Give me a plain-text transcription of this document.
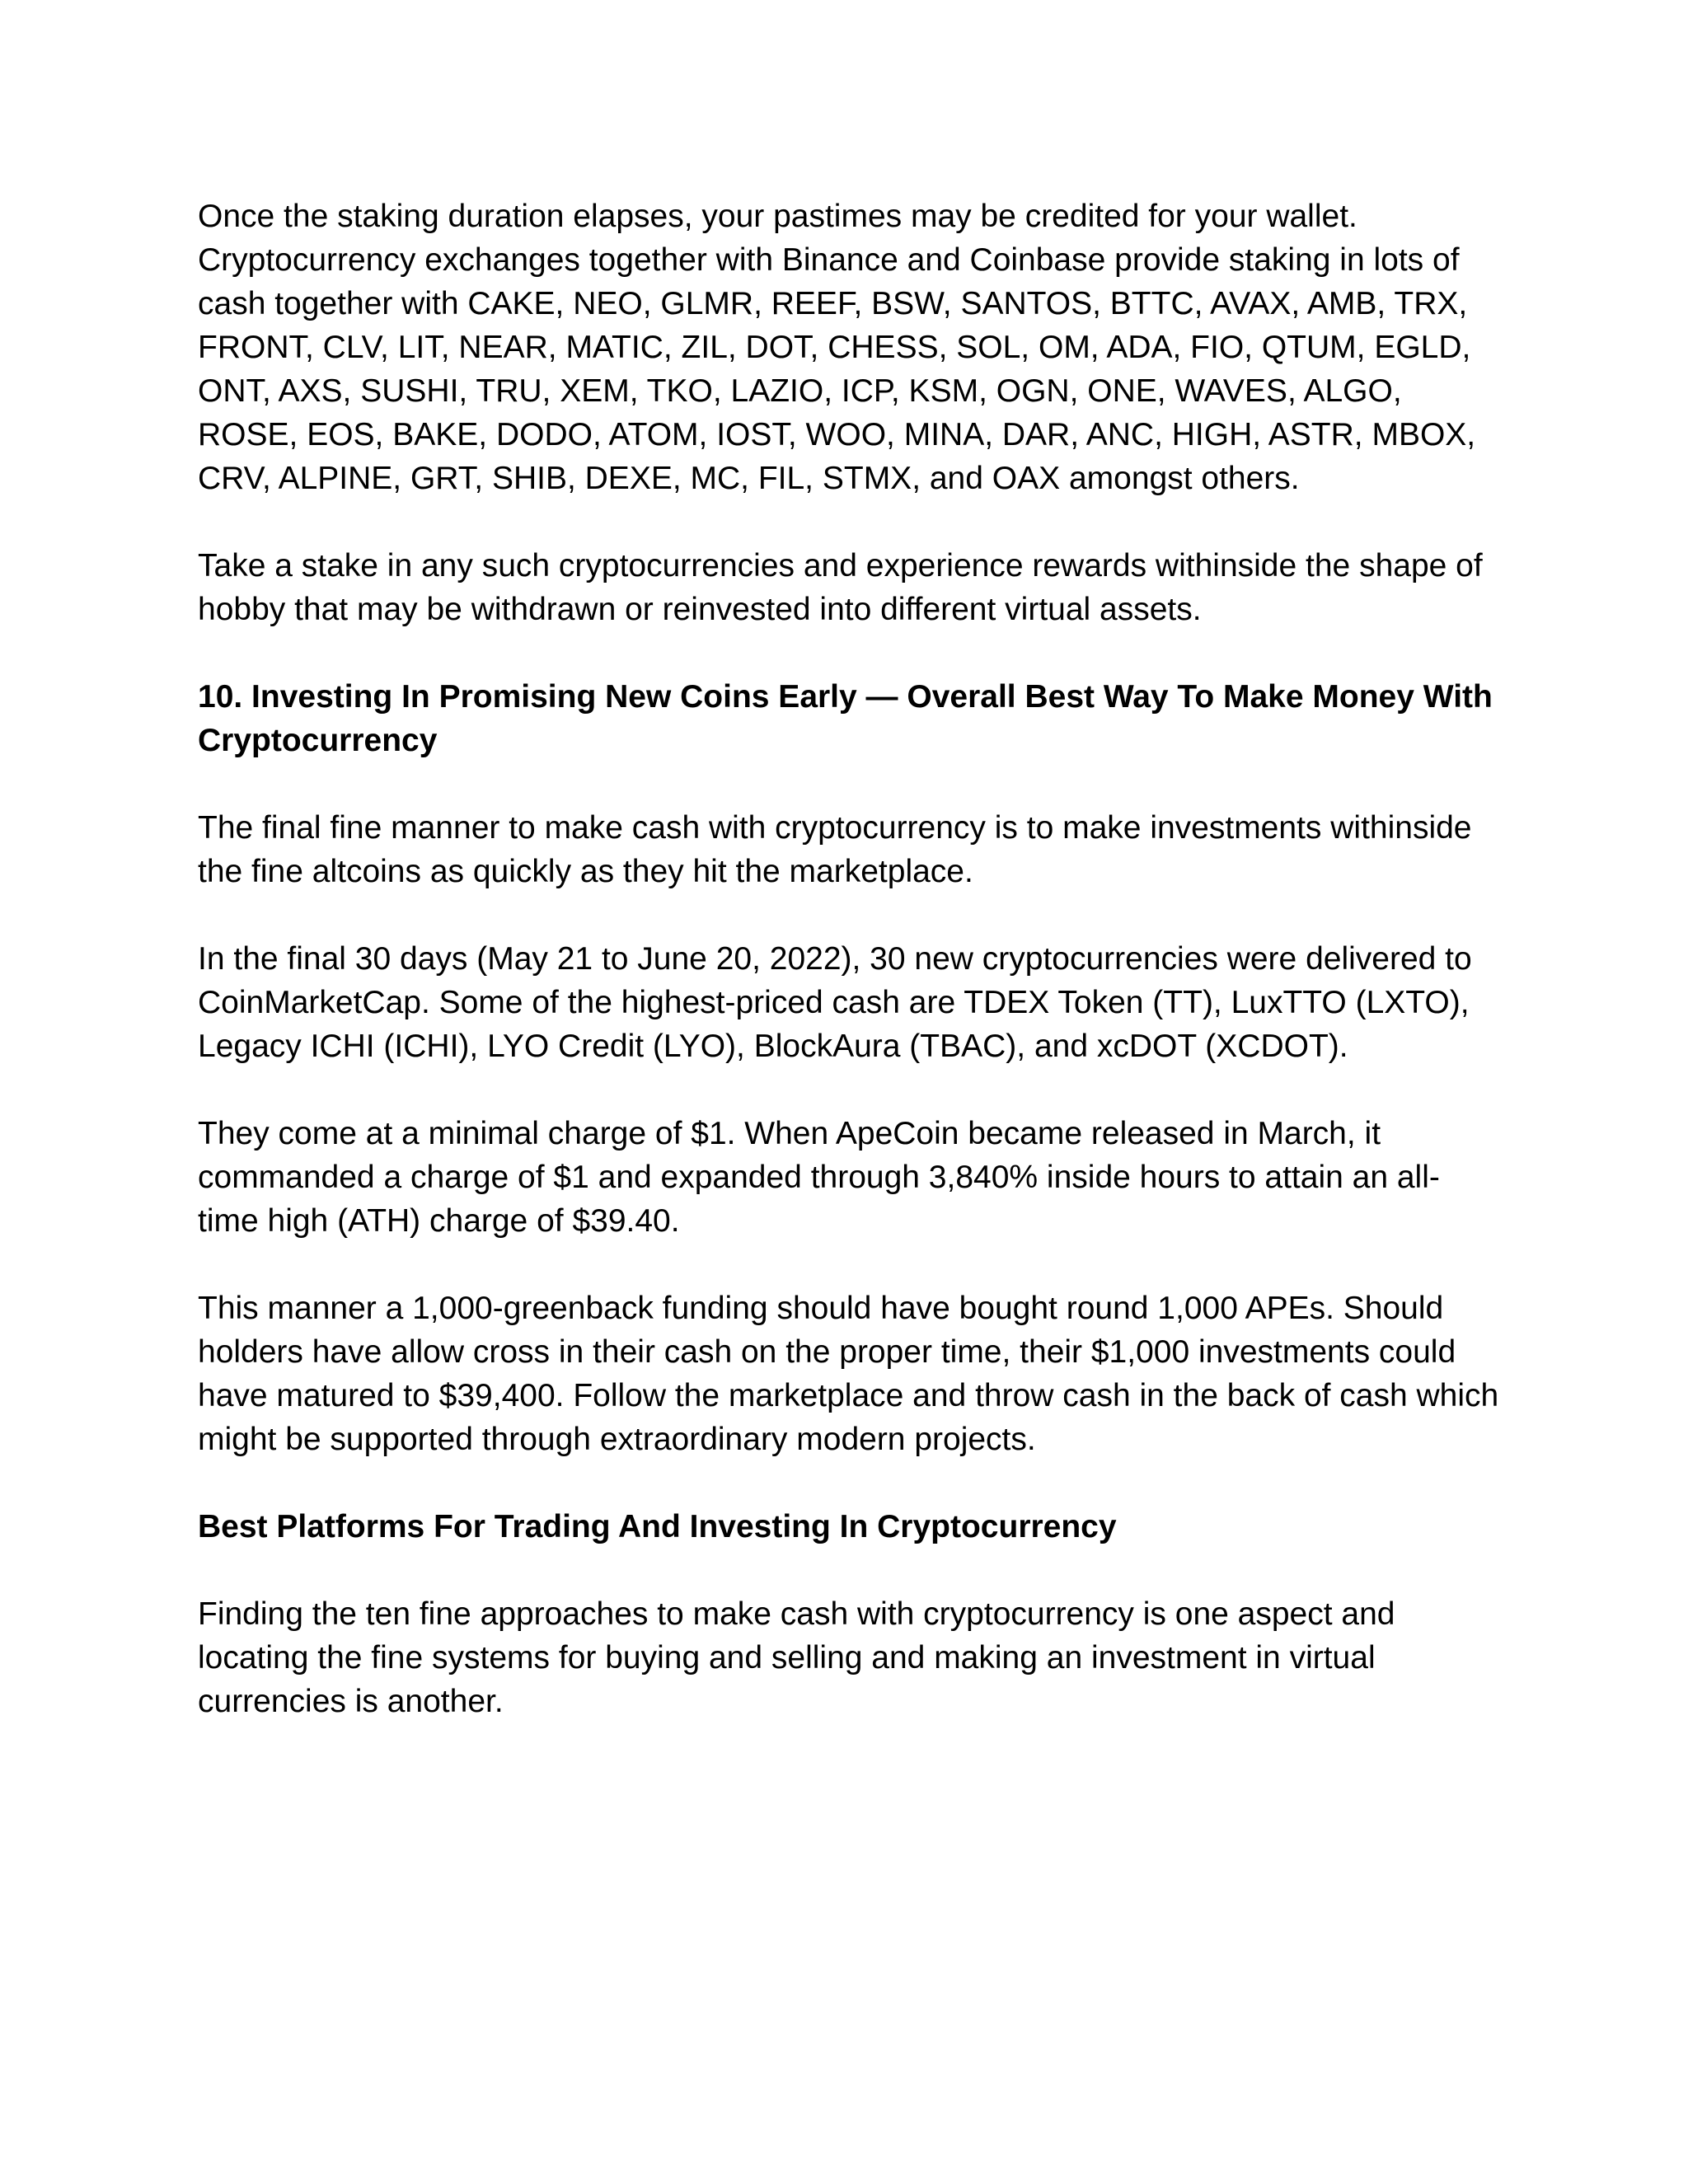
Once the staking duration elapses, your pastimes may be credited for your wallet. Cryptocurrency exchanges together with Binance and Coinbase provide staking in lots of cash together with CAKE, NEO, GLMR, REEF, BSW, SANTOS, BTTC, AVAX, AMB, TRX, FRONT, CLV, LIT, NEAR, MATIC, ZIL, DOT, CHESS, SOL, OM, ADA, FIO, QTUM, EGLD, ONT, AXS, SUSHI, TRU, XEM, TKO, LAZIO, ICP, KSM, OGN, ONE, WAVES, ALGO, ROSE, EOS, BAKE, DODO, ATOM, IOST, WOO, MINA, DAR, ANC, HIGH, ASTR, MBOX, CRV, ALPINE, GRT, SHIB, DEXE, MC, FIL, STMX, and OAX amongst others.

Take a stake in any such cryptocurrencies and experience rewards withinside the shape of hobby that may be withdrawn or reinvested into different virtual assets.

10. Investing In Promising New Coins Early — Overall Best Way To Make Money With Cryptocurrency

The final fine manner to make cash with cryptocurrency is to make investments withinside the fine altcoins as quickly as they hit the marketplace.

In the final 30 days (May 21 to June 20, 2022), 30 new cryptocurrencies were delivered to CoinMarketCap. Some of the highest-priced cash are TDEX Token (TT), LuxTTO (LXTO), Legacy ICHI (ICHI), LYO Credit (LYO), BlockAura (TBAC), and xcDOT (XCDOT).

They come at a minimal charge of $1. When ApeCoin became released in March, it commanded a charge of $1 and expanded through 3,840% inside hours to attain an all-time high (ATH) charge of $39.40.

This manner a 1,000-greenback funding should have bought round 1,000 APEs. Should holders have allow cross in their cash on the proper time, their $1,000 investments could have matured to $39,400. Follow the marketplace and throw cash in the back of cash which might be supported through extraordinary modern projects.

Best Platforms For Trading And Investing In Cryptocurrency

Finding the ten fine approaches to make cash with cryptocurrency is one aspect and locating the fine systems for buying and selling and making an investment in virtual currencies is another.
